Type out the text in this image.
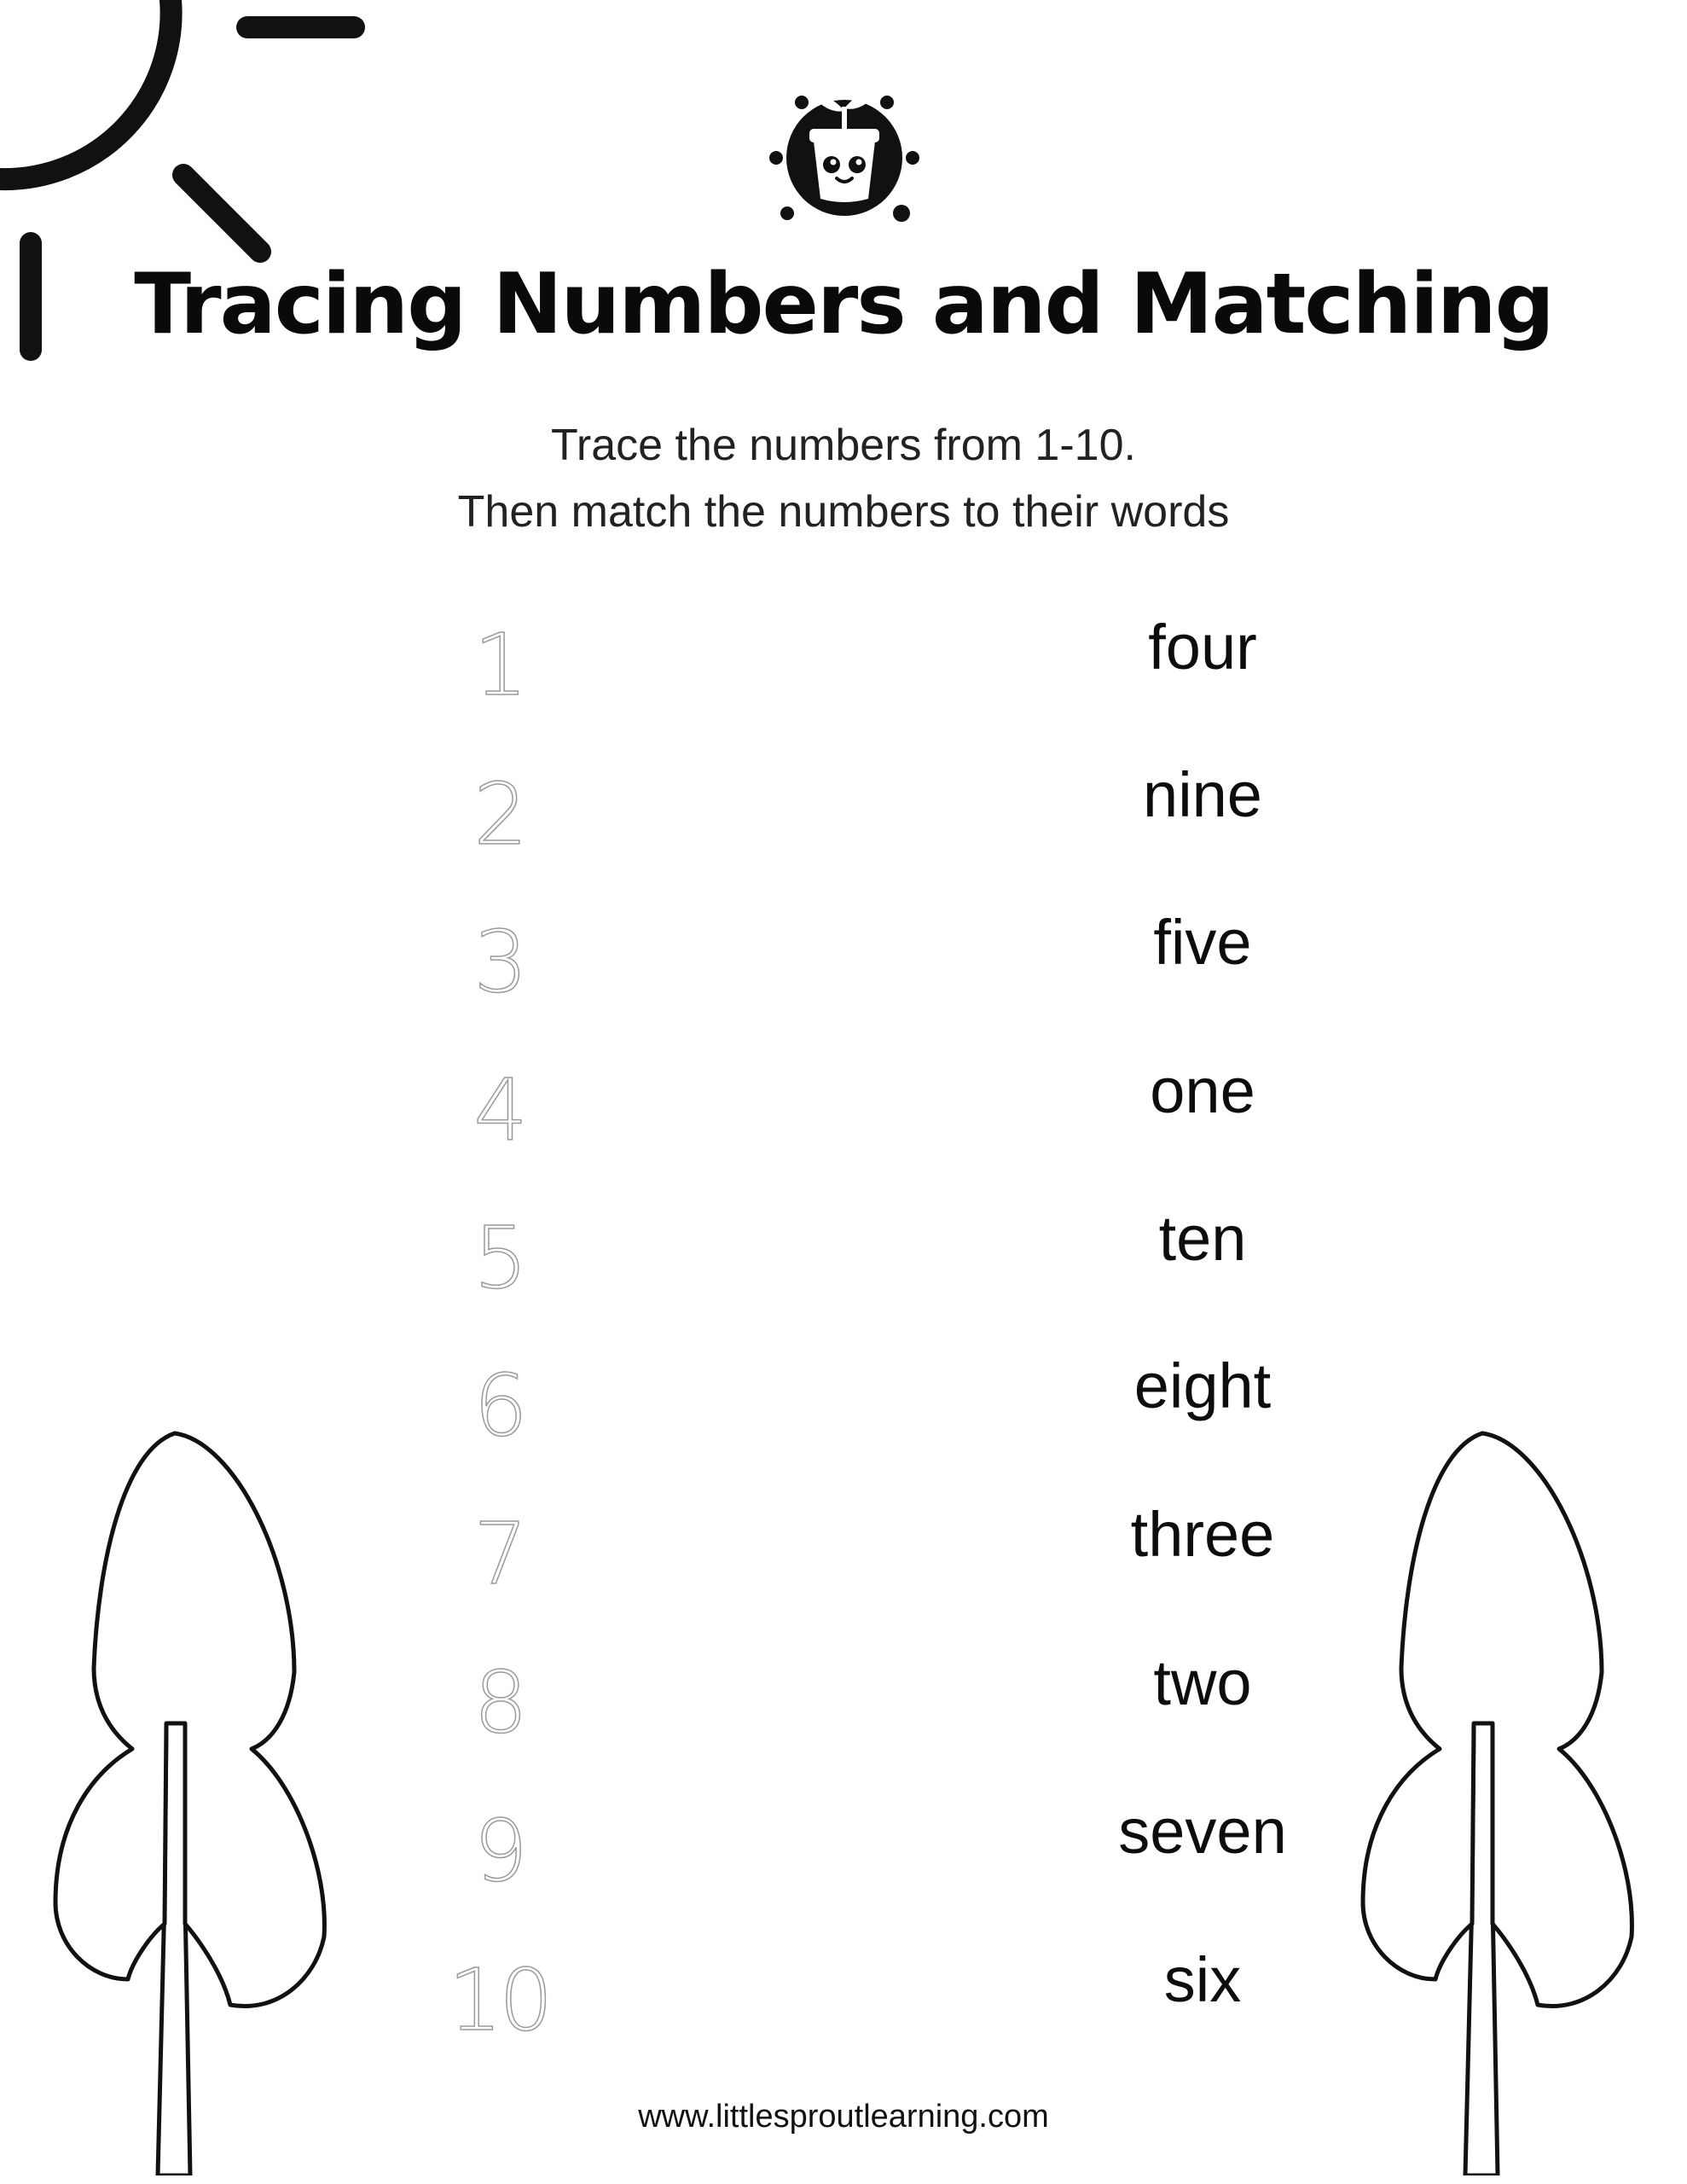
Tracing Numbers and Matching
Trace the numbers from 1-10.
Then match the numbers to their words
1
2
3
4
5
6
7
8
9
10
four
nine
five
one
ten
eight
three
two
seven
six
www.littlesproutlearning.com
